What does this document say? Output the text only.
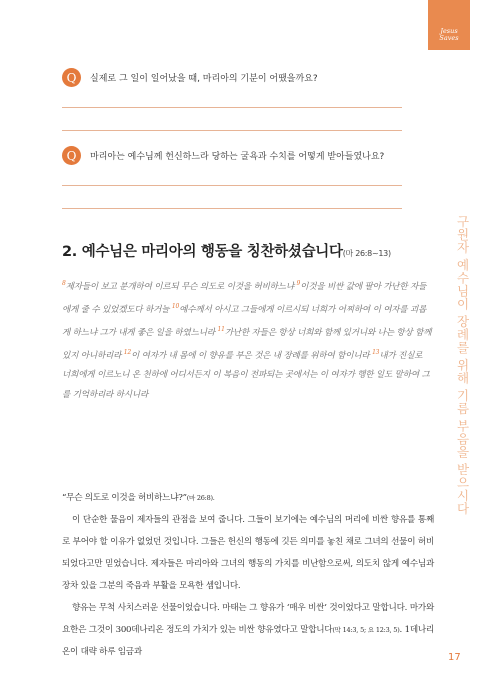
Jesus
Saves
Q	실제로 그 일이 일어났을 때, 마리아의 기분이 어땠을까요?
Q	마리아는 예수님께 헌신하느라 당하는 굴욕과 수치를 어떻게 받아들였나요?
2. 예수님은 마리아의 행동을 칭찬하셨습니다(마 26:8~13)
$^8$제자들이 보고 분개하여 이르되 무슨 의도로 이것을 허비하느냐 $^9$이것을 비싼 값에 팔아 가난한 자들에게 줄 수 있었겠도다 하거늘 $^{10}$예수께서 아시고 그들에게 이르시되 너희가 어찌하여 이 여자를 괴롭게 하느냐 그가 내게 좋은 일을 하였느니라 $^{11}$가난한 자들은 항상 너희와 함께 있거니와 나는 항상 함께 있지 아니하리라 $^{12}$이 여자가 내 몸에 이 향유를 부은 것은 내 장례를 위하여 함이니라 $^{13}$내가 진실로 너희에게 이르노니 온 천하에 어디서든지 이 복음이 전파되는 곳에서는 이 여자가 행한 일도 말하여 그를 기억하리라 하시니라

“무슨 의도로 이것을 허비하느냐?”(마 26:8).

이 단순한 물음이 제자들의 관점을 보여 줍니다. 그들이 보기에는 예수님의 머리에 비싼 향유를 통째로 부어야 할 이유가 없었던 것입니다. 그들은 헌신의 행동에 깃든 의미를 놓친 채로 그녀의 선물이 허비되었다고만 믿었습니다. 제자들은 마리아와 그녀의 행동의 가치를 비난함으로써, 의도치 않게 예수님과 장차 있을 그분의 죽음과 부활을 모욕한 셈입니다.

향유는 무척 사치스러운 선물이었습니다. 마태는 그 향유가 ‘매우 비싼’ 것이었다고 말합니다. 마가와 요한은 그것이 300데나리온 정도의 가치가 있는 비싼 향유였다고 말합니다(막 14:3, 5; 요 12:3, 5). 1데나리온이 대략 하루 임금과

구원자 예수님이 장례를 위해 기름 부음을 받으시다
17
